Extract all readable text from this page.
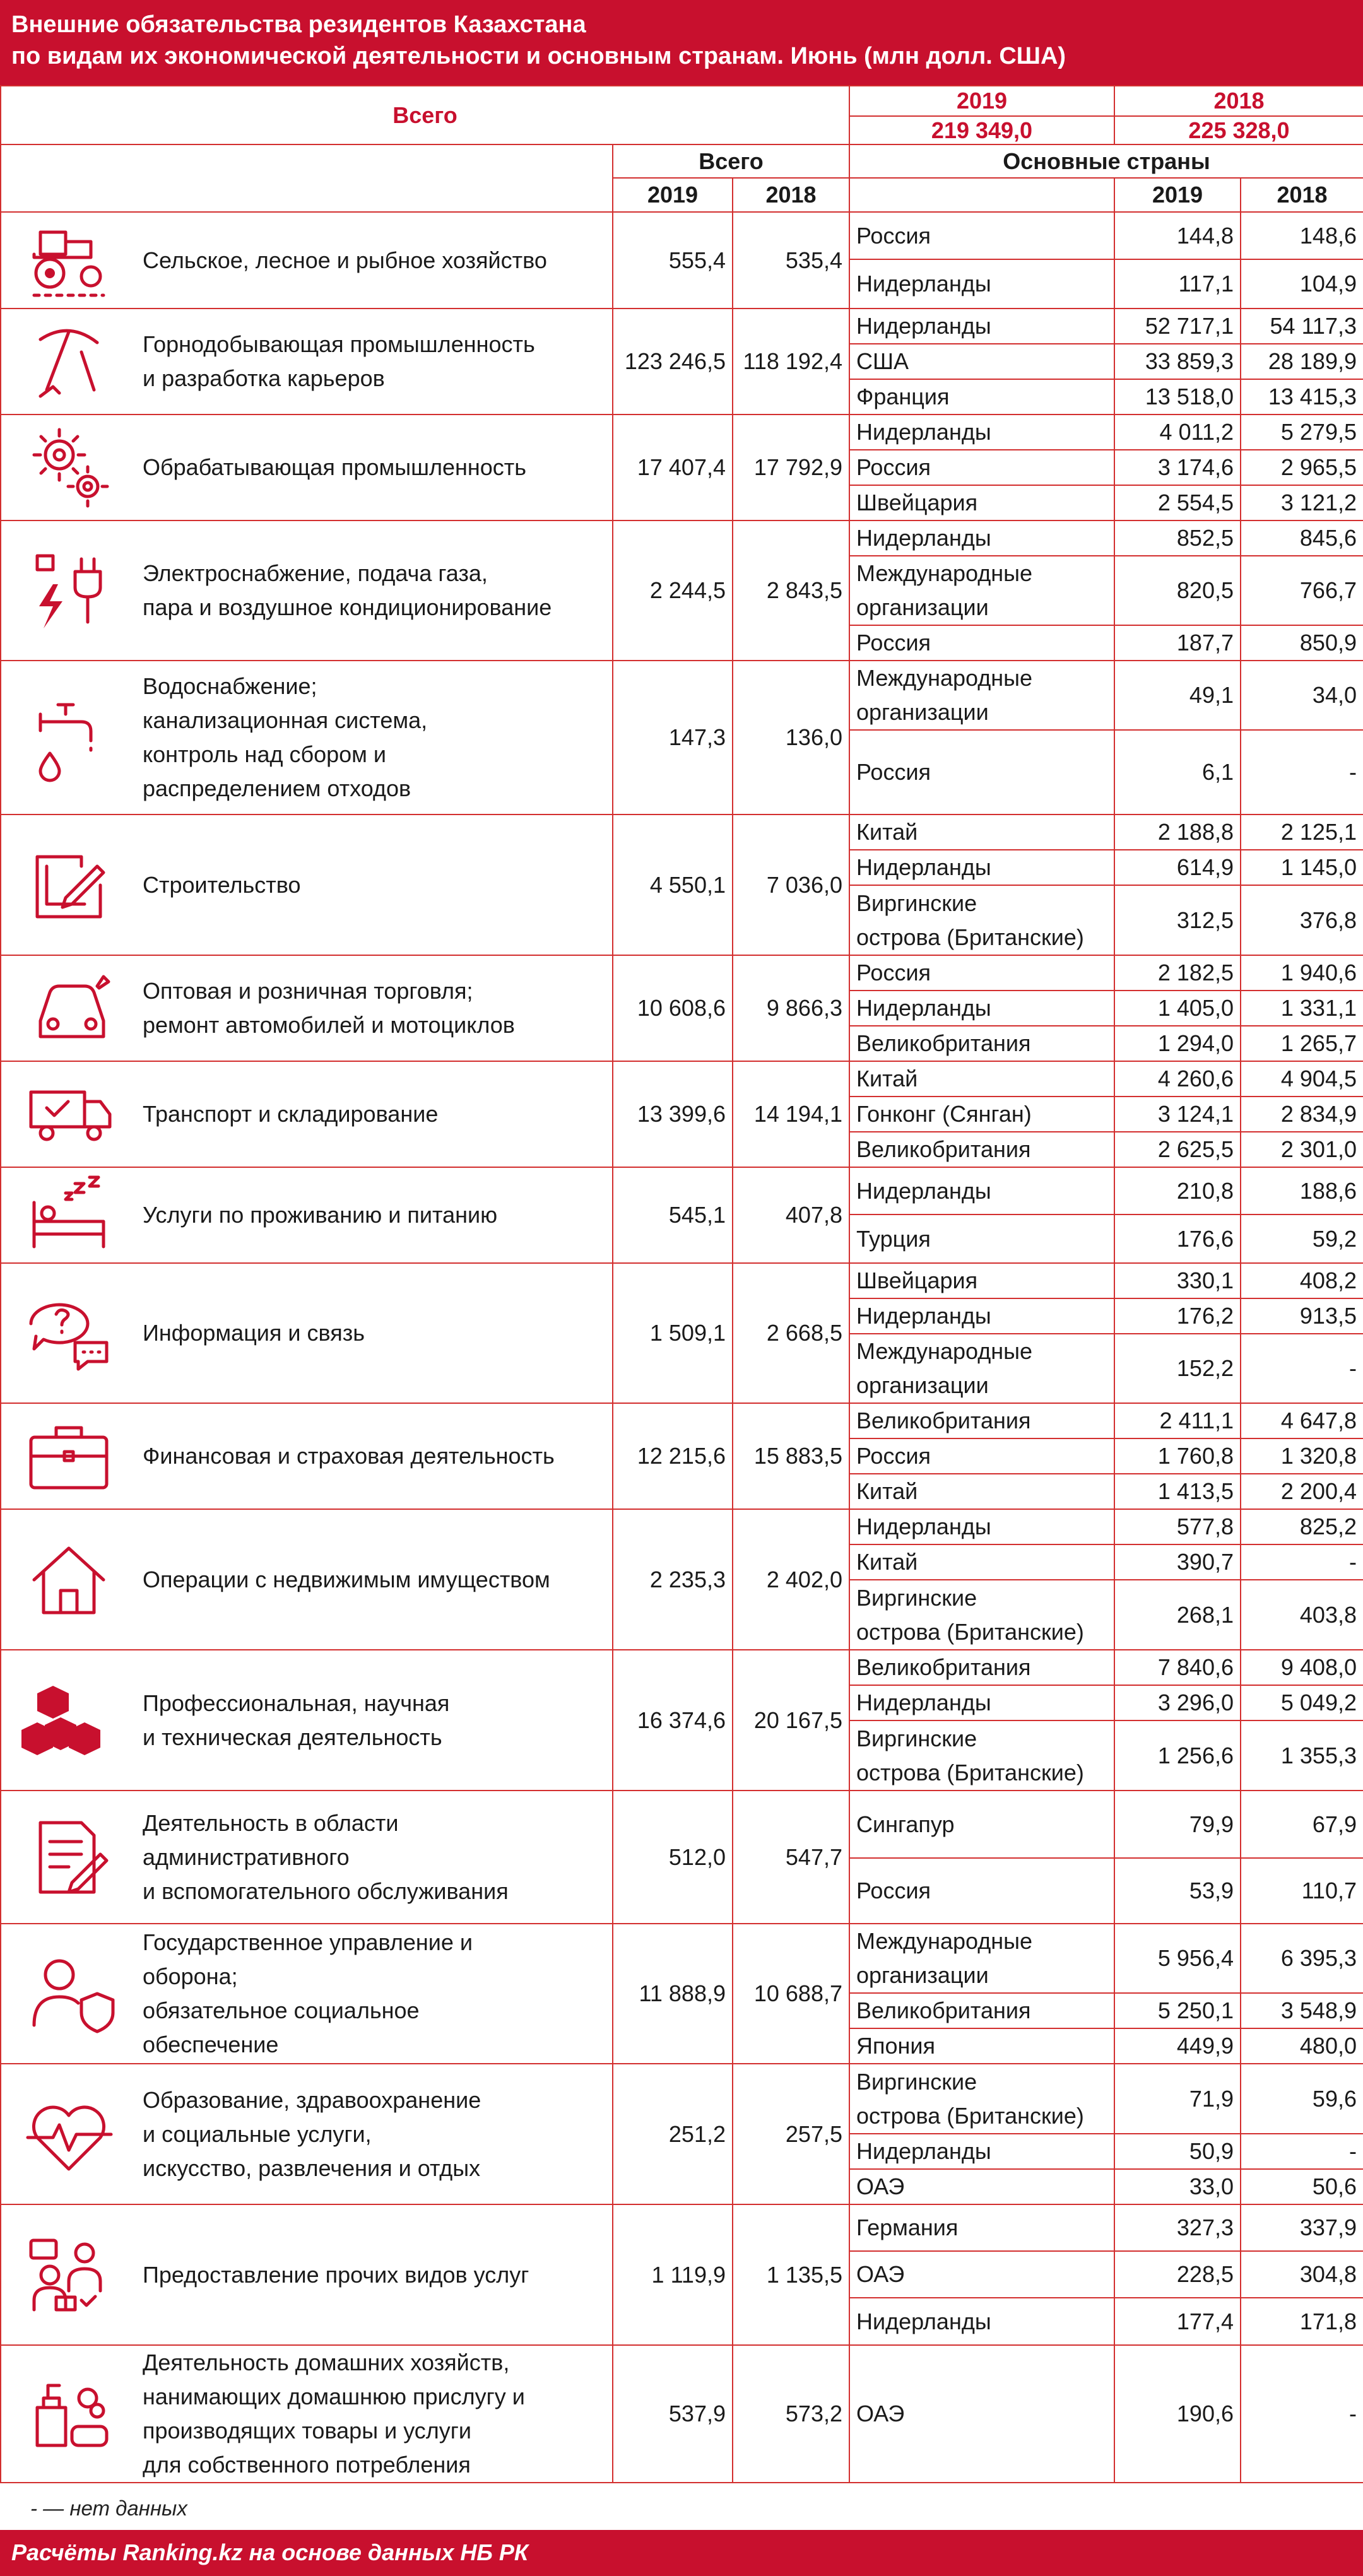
Внешние обязательства резидентов Казахстана
по видам их экономической деятельности и основным странам. Июнь (млн долл. США)
Всего				2019	2018	
				219 349,0	225 328,0	
		Всего		Основные страны		
		2019	2018		2019	2018
	Сельское, лесное и рыбное хозяйство	555,4	535,4	Россия	144,8	148,6
				Нидерланды	117,1	104,9
	Горнодобывающая промышленность
и разработка карьеров	123 246,5	118 192,4	Нидерланды	52 717,1	54 117,3
				США	33 859,3	28 189,9
				Франция	13 518,0	13 415,3
	Обрабатывающая промышленность	17 407,4	17 792,9	Нидерланды	4 011,2	5 279,5
				Россия	3 174,6	2 965,5
				Швейцария	2 554,5	3 121,2
	Электроснабжение, подача газа,
пара и воздушное кондиционирование	2 244,5	2 843,5	Нидерланды	852,5	845,6
				Международные
организации	820,5	766,7
				Россия	187,7	850,9
	Водоснабжение;
канализационная система,
контроль над сбором и
распределением отходов	147,3	136,0	Международные
организации	49,1	34,0
				Россия	6,1	-
	Строительство	4 550,1	7 036,0	Китай	2 188,8	2 125,1
				Нидерланды	614,9	1 145,0
				Виргинские
острова (Британские)	312,5	376,8
	Оптовая и розничная торговля;
ремонт автомобилей и мотоциклов	10 608,6	9 866,3	Россия	2 182,5	1 940,6
				Нидерланды	1 405,0	1 331,1
				Великобритания	1 294,0	1 265,7
	Транспорт и складирование	13 399,6	14 194,1	Китай	4 260,6	4 904,5
				Гонконг (Сянган)	3 124,1	2 834,9
				Великобритания	2 625,5	2 301,0
	Услуги по проживанию и питанию	545,1	407,8	Нидерланды	210,8	188,6
				Турция	176,6	59,2
	Информация и связь	1 509,1	2 668,5	Швейцария	330,1	408,2
				Нидерланды	176,2	913,5
				Международные
организации	152,2	-
	Финансовая и страховая деятельность	12 215,6	15 883,5	Великобритания	2 411,1	4 647,8
				Россия	1 760,8	1 320,8
				Китай	1 413,5	2 200,4
	Операции с недвижимым имуществом	2 235,3	2 402,0	Нидерланды	577,8	825,2
				Китай	390,7	-
				Виргинские
острова (Британские)	268,1	403,8
	Профессиональная, научная
и техническая деятельность	16 374,6	20 167,5	Великобритания	7 840,6	9 408,0
				Нидерланды	3 296,0	5 049,2
				Виргинские
острова (Британские)	1 256,6	1 355,3
	Деятельность в области
административного
и вспомогательного обслуживания	512,0	547,7	Сингапур	79,9	67,9
				Россия	53,9	110,7
	Государственное управление и
оборона;
обязательное социальное
обеспечение	11 888,9	10 688,7	Международные
организации	5 956,4	6 395,3
				Великобритания	5 250,1	3 548,9
				Япония	449,9	480,0
	Образование, здравоохранение
и социальные услуги,
искусство, развлечения и отдых	251,2	257,5	Виргинские
острова (Британские)	71,9	59,6
				Нидерланды	50,9	-
				ОАЭ	33,0	50,6
	Предоставление прочих видов услуг	1 119,9	1 135,5	Германия	327,3	337,9
				ОАЭ	228,5	304,8
				Нидерланды	177,4	171,8
	Деятельность домашних хозяйств,
нанимающих домашнюю прислугу и
производящих товары и услуги
для собственного потребления	537,9	573,2	ОАЭ	190,6	-
- — нет данных
Расчёты Ranking.kz на основе данных НБ РК
